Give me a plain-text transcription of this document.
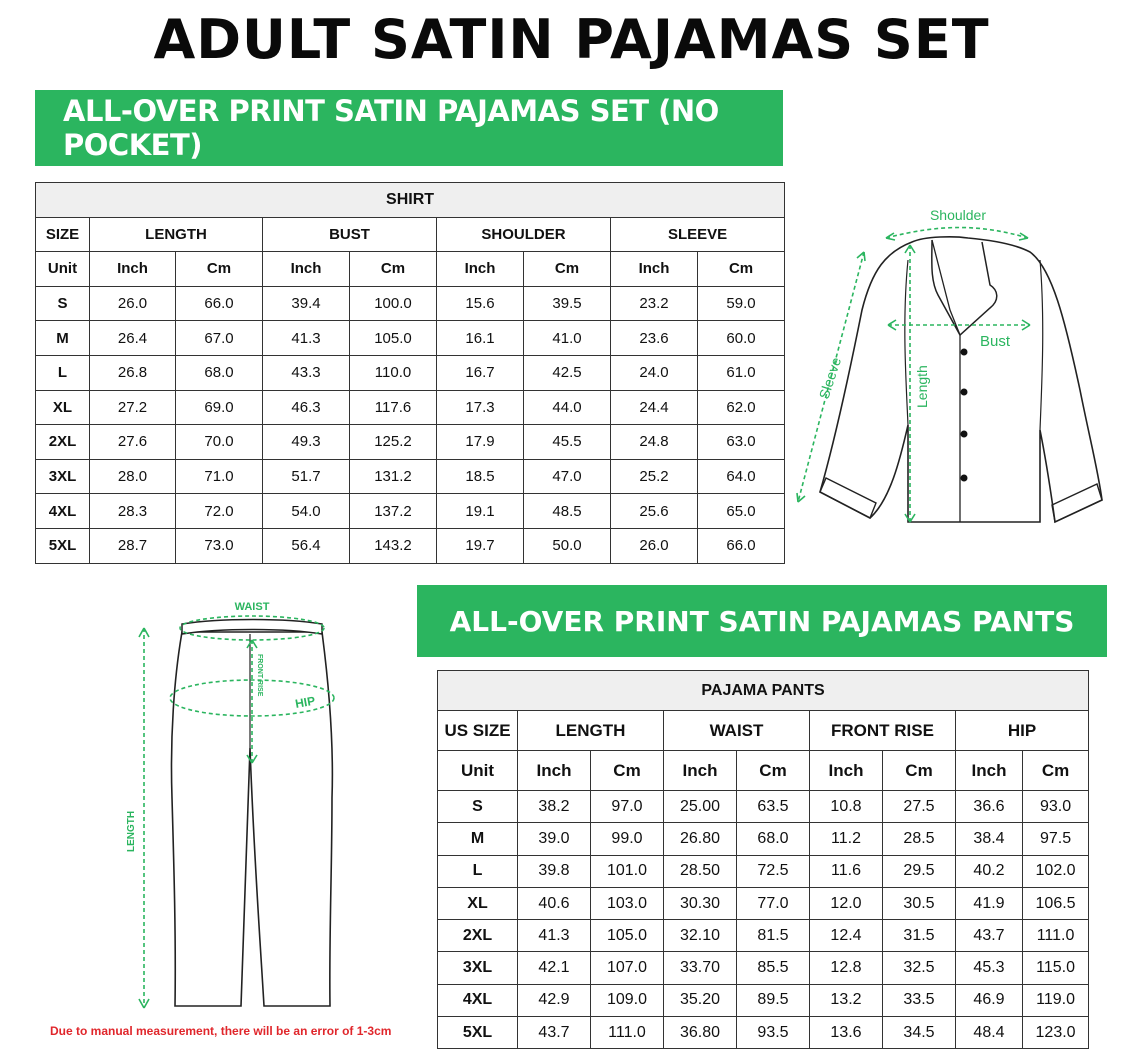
ADULT SATIN PAJAMAS SET
ALL-OVER PRINT SATIN PAJAMAS SET (NO POCKET)
SHIRT								
SIZE	LENGTH		BUST		SHOULDER		SLEEVE	
Unit	Inch	Cm	Inch	Cm	Inch	Cm	Inch	Cm
S	26.0	66.0	39.4	100.0	15.6	39.5	23.2	59.0
M	26.4	67.0	41.3	105.0	16.1	41.0	23.6	60.0
L	26.8	68.0	43.3	110.0	16.7	42.5	24.0	61.0
XL	27.2	69.0	46.3	117.6	17.3	44.0	24.4	62.0
2XL	27.6	70.0	49.3	125.2	17.9	45.5	24.8	63.0
3XL	28.0	71.0	51.7	131.2	18.5	47.0	25.2	64.0
4XL	28.3	72.0	54.0	137.2	19.1	48.5	25.6	65.0
5XL	28.7	73.0	56.4	143.2	19.7	50.0	26.0	66.0
Shoulder
Bust
Length
Sleeve
WAIST
FRONT RISE
HIP
LENGTH
ALL-OVER PRINT SATIN PAJAMAS PANTS
PAJAMA PANTS								
US SIZE	LENGTH		WAIST		FRONT RISE		HIP	
Unit	Inch	Cm	Inch	Cm	Inch	Cm	Inch	Cm
S	38.2	97.0	25.00	63.5	10.8	27.5	36.6	93.0
M	39.0	99.0	26.80	68.0	11.2	28.5	38.4	97.5
L	39.8	101.0	28.50	72.5	11.6	29.5	40.2	102.0
XL	40.6	103.0	30.30	77.0	12.0	30.5	41.9	106.5
2XL	41.3	105.0	32.10	81.5	12.4	31.5	43.7	111.0
3XL	42.1	107.0	33.70	85.5	12.8	32.5	45.3	115.0
4XL	42.9	109.0	35.20	89.5	13.2	33.5	46.9	119.0
5XL	43.7	111.0	36.80	93.5	13.6	34.5	48.4	123.0
Due to manual measurement, there will be an error of 1-3cm
